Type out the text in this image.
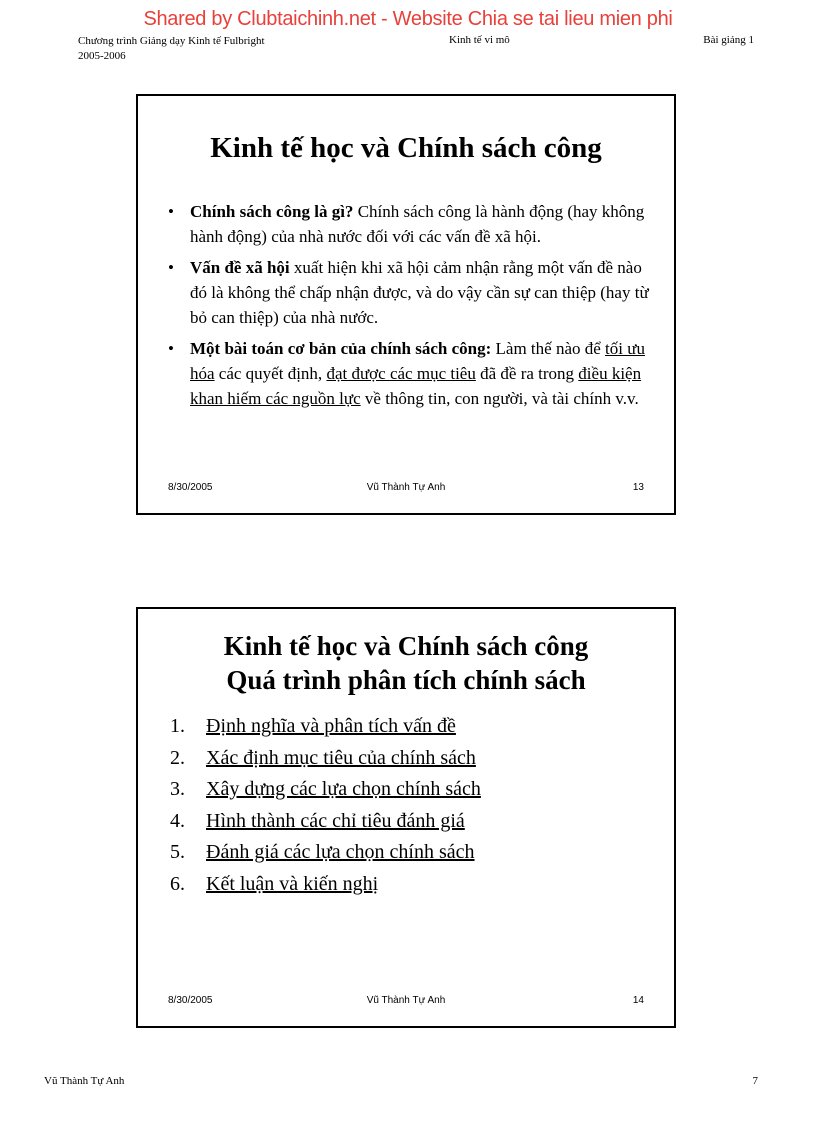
Shared by Clubtaichinh.net - Website Chia se tai lieu mien phi
Chương trình Giảng dạy Kinh tế Fulbright
2005-2006
Kinh tế vi mô	Bài giảng 1
Kinh tế học và Chính sách công
• Chính sách công là gì? Chính sách công là hành động (hay không hành động) của nhà nước đối với các vấn đề xã hội.
• Vấn đề xã hội xuất hiện khi xã hội cảm nhận rằng một vấn đề nào đó là không thể chấp nhận được, và do vậy cần sự can thiệp (hay từ bỏ can thiệp) của nhà nước.
• Một bài toán cơ bản của chính sách công: Làm thế nào để tối ưu hóa các quyết định, đạt được các mục tiêu đã đề ra trong điều kiện khan hiếm các nguồn lực về thông tin, con người, và tài chính v.v.
8/30/2005	Vũ Thành Tự Anh	13
Kinh tế học và Chính sách công
Quá trình phân tích chính sách
1. Định nghĩa và phân tích vấn đề
2. Xác định mục tiêu của chính sách
3. Xây dựng các lựa chọn chính sách
4. Hình thành các chỉ tiêu đánh giá
5. Đánh giá các lựa chọn chính sách
6. Kết luận và kiến nghị
8/30/2005	Vũ Thành Tự Anh	14
Vũ Thành Tự Anh	7
